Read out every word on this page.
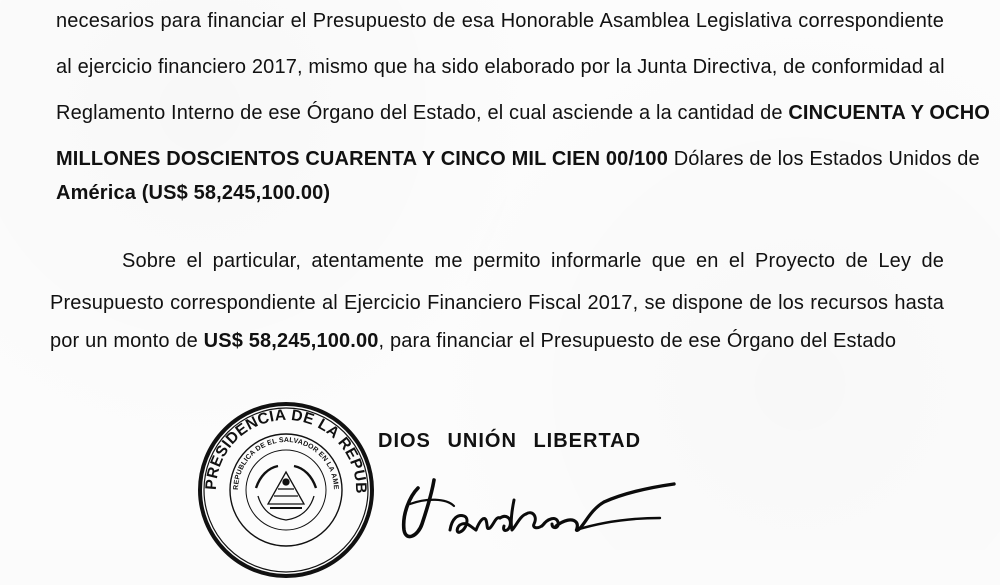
necesarios para financiar el Presupuesto de esa Honorable Asamblea Legislativa correspondiente
al ejercicio financiero 2017, mismo que ha sido elaborado por la Junta Directiva, de conformidad al
Reglamento Interno de ese Órgano del Estado, el cual asciende a la cantidad de CINCUENTA Y OCHO
MILLONES DOSCIENTOS CUARENTA Y CINCO MIL CIEN 00/100 Dólares de los Estados Unidos de
América (US$ 58,245,100.00)
Sobre el particular, atentamente me permito informarle que en el Proyecto de Ley de
Presupuesto correspondiente al Ejercicio Financiero Fiscal 2017, se dispone de los recursos hasta
por un monto de US$ 58,245,100.00, para financiar el Presupuesto de ese Órgano del Estado
PRESIDENCIA DE LA REPUB
REPUBLICA DE EL SALVADOR EN LA AME
DIOS UNIÓN LIBERTAD
